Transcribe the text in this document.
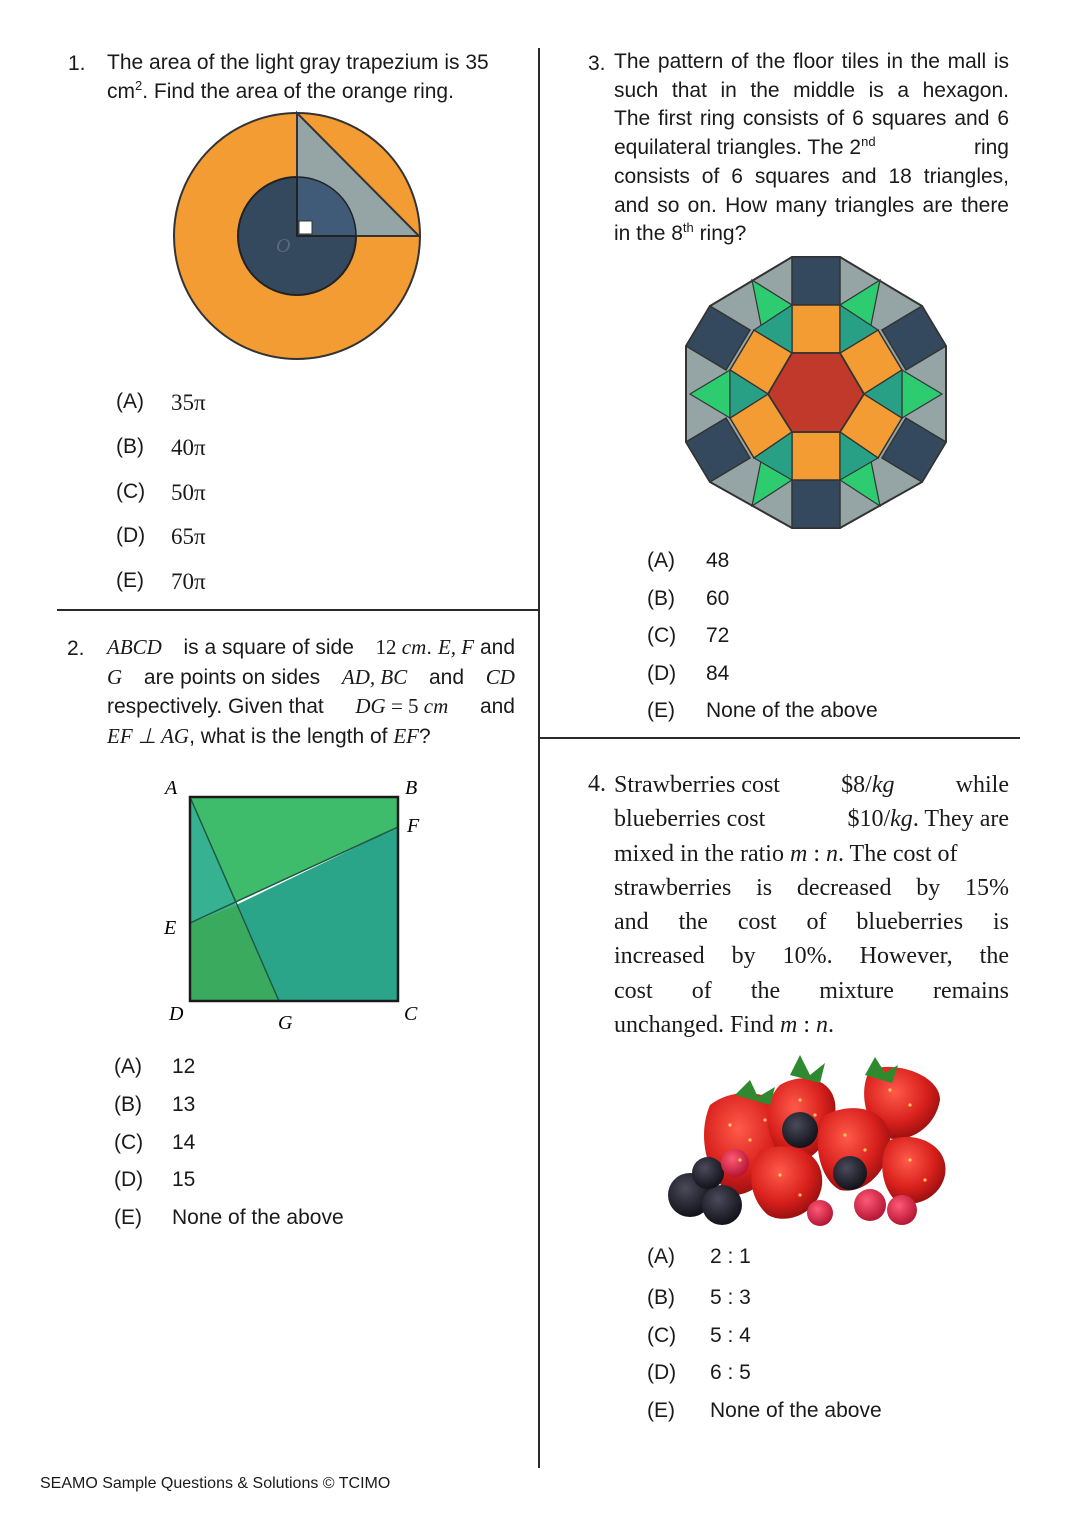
1. The area of the light gray trapezium is 35
$cm^2$. Find the area of the orange ring.
O
(A)	35π
(B)	40π
(C)	50π
(D)	65π
(E)	70π
2. ABCD is a square of side 12 cm. E, F and
G are points on sides AD, BC and CD
respectively. Given that DG = 5 cm and
EF ⊥ AG, what is the length of EF?
A	B
F
E
D	G	C
(A)	12
(B)	13
(C)	14
(D)	15
(E)	None of the above
3. The pattern of the floor tiles in the mall is
such that in the middle is a hexagon.
The first ring consists of 6 squares and 6
equilateral triangles. The 2nd	ring
consists of 6 squares and 18 triangles,
and so on. How many triangles are there
in the 8th ring?
(A)	48
(B)	60
(C)	72
(D)	84
(E)	None of the above
4. Strawberries cost	$8/kg	while
blueberries cost	$10/kg. They are
mixed in the ratio m : n. The cost of
strawberries is decreased by 15%
and the cost of blueberries is
increased by 10%. However, the
cost of the mixture remains
unchanged. Find m : n.
(A)	2 : 1
(B)	5 : 3
(C)	5 : 4
(D)	6 : 5
(E)	None of the above
SEAMO Sample Questions & Solutions © TCIMO
